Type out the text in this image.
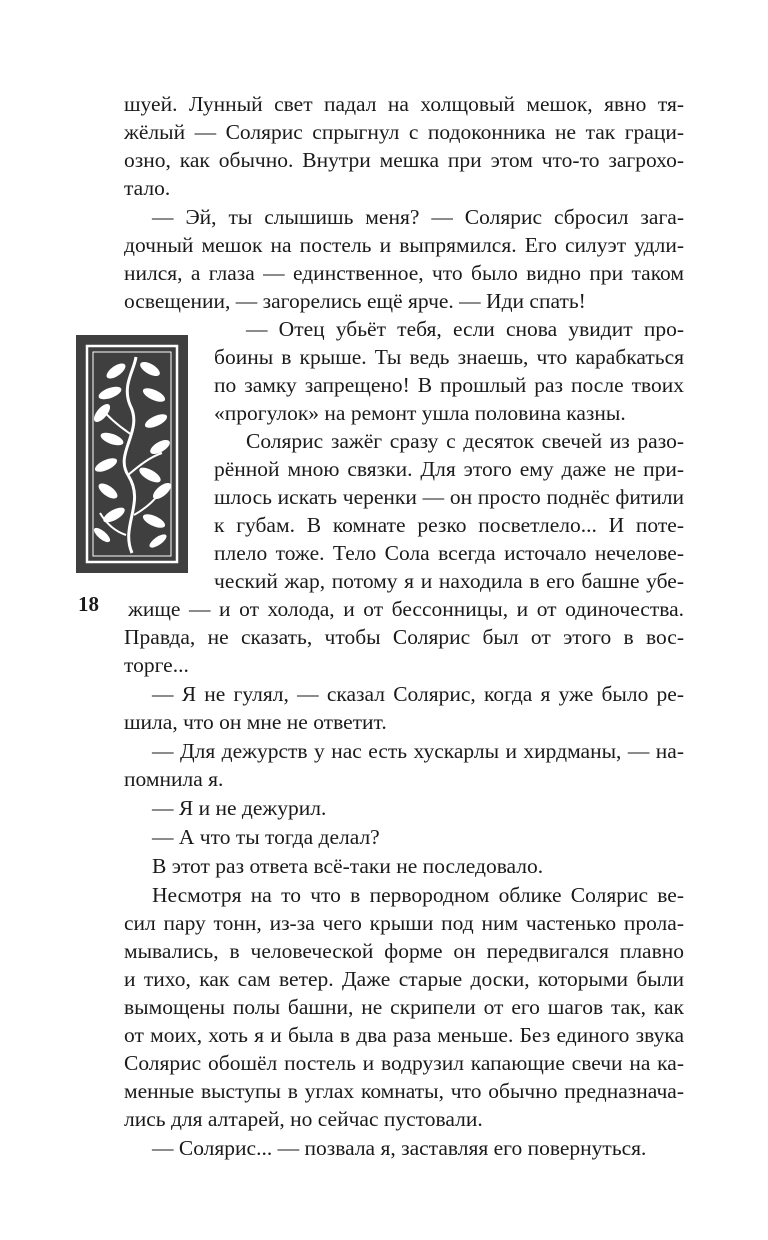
18
шуей. Лунный свет падал на холщовый мешок, явно тя-
жёлый — Солярис спрыгнул с подоконника не так граци-
озно, как обычно. Внутри мешка при этом что-то загрохо-
тало.
— Эй, ты слышишь меня? — Солярис сбросил зага-
дочный мешок на постель и выпрямился. Его силуэт удли-
нился, а глаза — единственное, что было видно при таком
освещении, — загорелись ещё ярче. — Иди спать!
— Отец убьёт тебя, если снова увидит про-
боины в крыше. Ты ведь знаешь, что карабкаться
по замку запрещено! В прошлый раз после твоих
«прогулок» на ремонт ушла половина казны.
Солярис зажёг сразу с десяток свечей из разо-
рённой мною связки. Для этого ему даже не при-
шлось искать черенки — он просто поднёс фитили
к губам. В комнате резко посветлело... И поте-
плело тоже. Тело Сола всегда источало нечелове-
ческий жар, потому я и находила в его башне убе-
жище — и от холода, и от бессонницы, и от одиночества.
Правда, не сказать, чтобы Солярис был от этого в вос-
торге...
— Я не гулял, — сказал Солярис, когда я уже было ре-
шила, что он мне не ответит.
— Для дежурств у нас есть хускарлы и хирдманы, — на-
помнила я.
— Я и не дежурил.
— А что ты тогда делал?
В этот раз ответа всё-таки не последовало.
Несмотря на то что в первородном облике Солярис ве-
сил пару тонн, из-за чего крыши под ним частенько прола-
мывались, в человеческой форме он передвигался плавно
и тихо, как сам ветер. Даже старые доски, которыми были
вымощены полы башни, не скрипели от его шагов так, как
от моих, хоть я и была в два раза меньше. Без единого звука
Солярис обошёл постель и водрузил капающие свечи на ка-
менные выступы в углах комнаты, что обычно предназнача-
лись для алтарей, но сейчас пустовали.
— Солярис... — позвала я, заставляя его повернуться.
